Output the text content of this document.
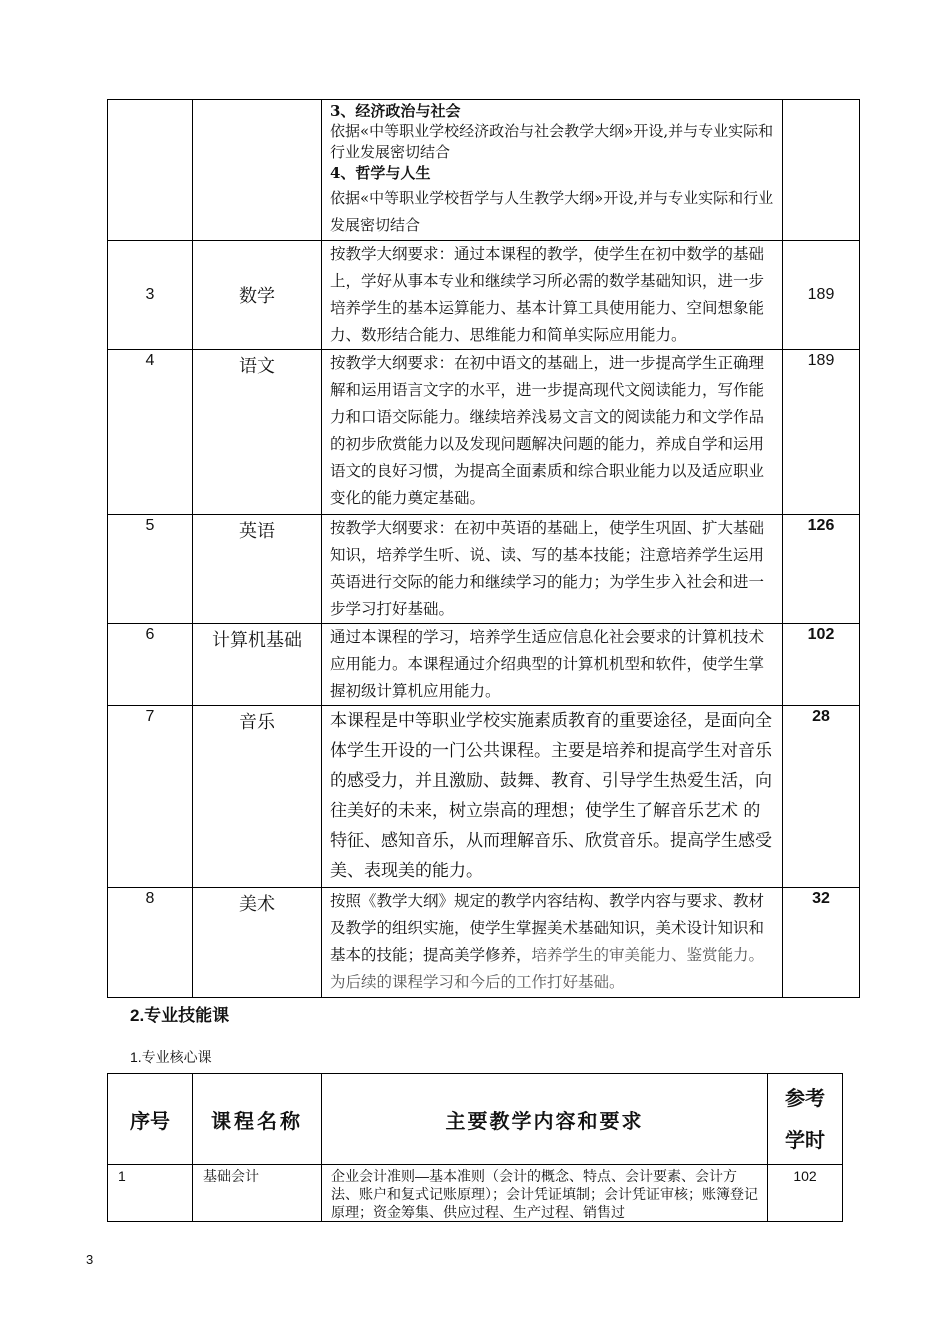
		3、经济政治与社会
依据«中等职业学校经济政治与社会教学大纲»开设,并与专业实际和行业发展密切结合
4、哲学与人生
依据«中等职业学校哲学与人生教学大纲»开设,并与专业实际和行业发展密切结合	

3	数学	按教学大纲要求：通过本课程的教学，使学生在初中数学的基础上，学好从事本专业和继续学习所必需的数学基础知识，进一步培养学生的基本运算能力、基本计算工具使用能力、空间想象能力、数形结合能力、思维能力和简单实际应用能力。	189
4	语文	按教学大纲要求：在初中语文的基础上，进一步提高学生正确理解和运用语言文字的水平，进一步提高现代文阅读能力，写作能力和口语交际能力。继续培养浅易文言文的阅读能力和文学作品的初步欣赏能力以及发现问题解决问题的能力，养成自学和运用语文的良好习惯，为提高全面素质和综合职业能力以及适应职业变化的能力奠定基础。	189
5	英语	按教学大纲要求：在初中英语的基础上，使学生巩固、扩大基础知识，培养学生听、说、读、写的基本技能；注意培养学生运用英语进行交际的能力和继续学习的能力；为学生步入社会和进一步学习打好基础。	126
6	计算机基础	通过本课程的学习，培养学生适应信息化社会要求的计算机技术应用能力。本课程通过介绍典型的计算机机型和软件，使学生掌握初级计算机应用能力。	102
7	音乐	本课程是中等职业学校实施素质教育的重要途径，是面向全体学生开设的一门公共课程。主要是培养和提高学生对音乐的感受力，并且激励、鼓舞、教育、引导学生热爱生活，向往美好的未来，树立崇高的理想；使学生了解音乐艺术 的特征、感知音乐，从而理解音乐、欣赏音乐。提高学生感受美、表现美的能力。	28
8	美术	按照《教学大纲》规定的教学内容结构、教学内容与要求、教材及教学的组织实施，使学生掌握美术基础知识，美术设计知识和基本的技能；提高美学修养，培养学生的审美能力、鉴赏能力。为后续的课程学习和今后的工作打好基础。	32
2.专业技能课
1.专业核心课
序号	课程名称	主要教学内容和要求	参考
学时

1	基础会计	企业会计准则—基本准则（会计的概念、特点、会计要素、会计方法、账户和复式记账原理）；会计凭证填制；会计凭证审核；账簿登记原理；资金筹集、供应过程、生产过程、销售过	102
3
